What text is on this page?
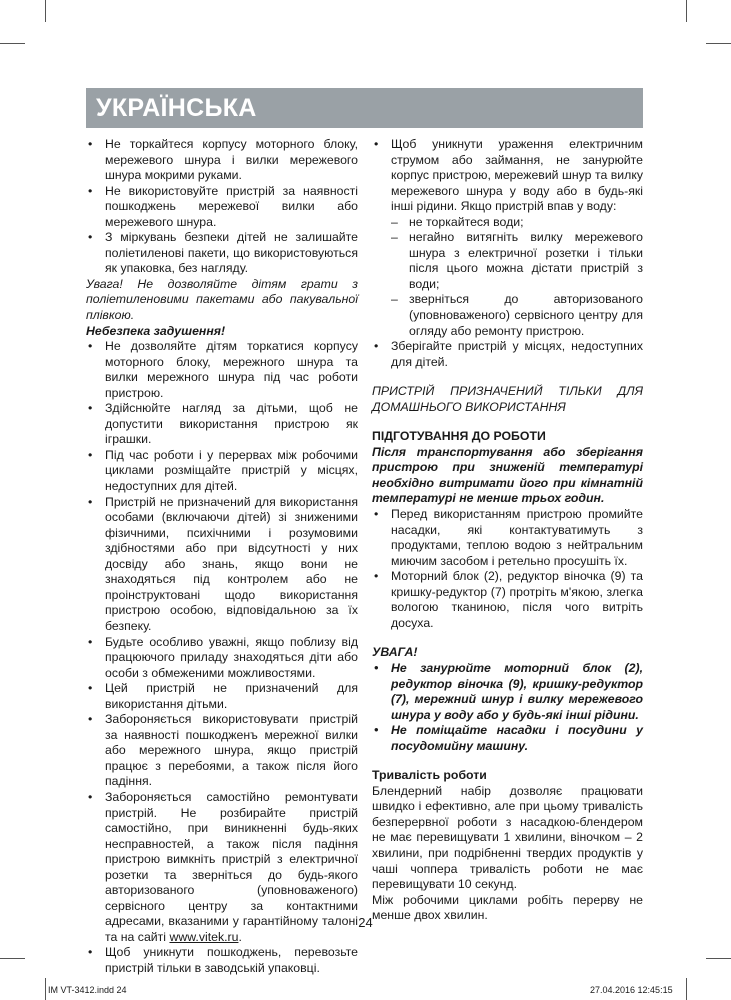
УКРАЇНСЬКА
• Не торкайтеся корпусу моторного блоку, мережевого шнура і вилки мережевого шнура мокрими руками.
• Не використовуйте пристрій за наявності пошкоджень мережевої вилки або мережевого шнура.
• З міркувань безпеки дітей не залишайте поліетиленові пакети, що використовуються як упаковка, без нагляду.
Увага! Не дозволяйте дітям грати з поліетиленовими пакетами або пакувальної плівкою.
Небезпека задушення!
• Не дозволяйте дітям торкатися корпусу моторного блоку, мережного шнура та вилки мережного шнура під час роботи пристрою.
• Здійснюйте нагляд за дітьми, щоб не допустити використання пристрою як іграшки.
• Під час роботи і у перервах між робочими циклами розміщайте пристрій у місцях, недоступних для дітей.
• Пристрій не призначений для використання особами (включаючи дітей) зі зниженими фізичними, психічними і розумовими здібностями або при відсутності у них досвіду або знань, якщо вони не знаходяться під контролем або не проінструктовані щодо використання пристрою особою, відповідальною за їх безпеку.
• Будьте особливо уважні, якщо поблизу від працюючого приладу знаходяться діти або особи з обмеженими можливостями.
• Цей пристрій не призначений для використання дітьми.
• Забороняється використовувати пристрій за наявності пошкодженъ мережної вилки або мережного шнура, якщо пристрій працює з перебоями, а також після його падіння.
• Забороняється самостійно ремонтувати пристрій. Не розбирайте пристрій самостійно, при виникненні будь-яких несправностей, а також після падіння пристрою вимкніть пристрій з електричної розетки та зверніться до будь-якого авторизованого (уповноваженого) сервісного центру за контактними адресами, вказаними у гарантійному талоні та на сайті www.vitek.ru.
• Щоб уникнути пошкоджень, перевозьте пристрій тільки в заводській упаковці.
• Щоб уникнути ураження електричним струмом або займання, не занурюйте корпус пристрою, мережевий шнур та вилку мережевого шнура у воду або в будь-які інші рідини. Якщо пристрій впав у воду:
– не торкайтеся води;
– негайно витягніть вилку мережевого шнура з електричної розетки і тільки після цього можна дістати пристрій з води;
– зверніться до авторизованого (уповноваженого) сервісного центру для огляду або ремонту пристрою.
• Зберігайте пристрій у місцях, недоступних для дітей.
ПРИСТРІЙ ПРИЗНАЧЕНИЙ ТІЛЬКИ ДЛЯ ДОМАШНЬОГО ВИКОРИСТАННЯ
ПІДГОТУВАННЯ ДО РОБОТИ
Після транспортування або зберігання пристрою при зниженій температурі необхідно витримати його при кімнатній температурі не менше трьох годин.
• Перед використанням пристрою промийте насадки, які контактуватимуть з продуктами, теплою водою з нейтральним миючим засобом і ретельно просушіть їх.
• Моторний блок (2), редуктор віночка (9) та кришку-редуктор (7) протріть м'якою, злегка вологою тканиною, після чого витріть досуха.
УВАГА!
• Не занурюйте моторний блок (2), редуктор віночка (9), кришку-редуктор (7), мережний шнур і вилку мережевого шнура у воду або у будь-які інші рідини.
• Не поміщайте насадки і посудини у посудомийну машину.
Тривалість роботи
Блендерний набір дозволяє працювати швидко і ефективно, але при цьому тривалість безперервної роботи з насадкою-блендером не має перевищувати 1 хвилини, віночком – 2 хвилини, при подрібненні твердих продуктів у чаші чоппера тривалість роботи не має перевищувати 10 секунд.
Між робочими циклами робіть перерву не менше двох хвилин.
24
IM VT-3412.indd 24	27.04.2016 12:45:15
